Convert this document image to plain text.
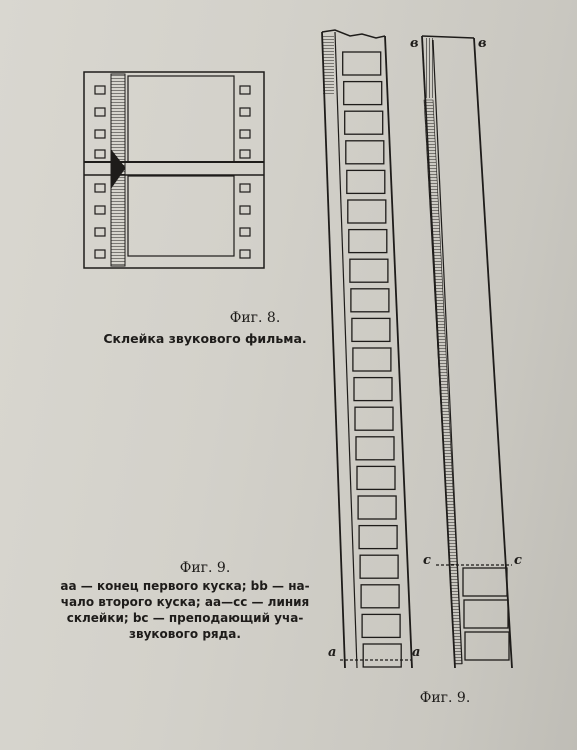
в	в
с	с
а	а
Фиг. 8.
Склейка звукового фильма.
Фиг. 9.
aa — конец первого куска; bb — на-
чало второго куска; aa—cc — линия
склейки; bc — преподающий уча-
звукового ряда.
Фиг. 9.
